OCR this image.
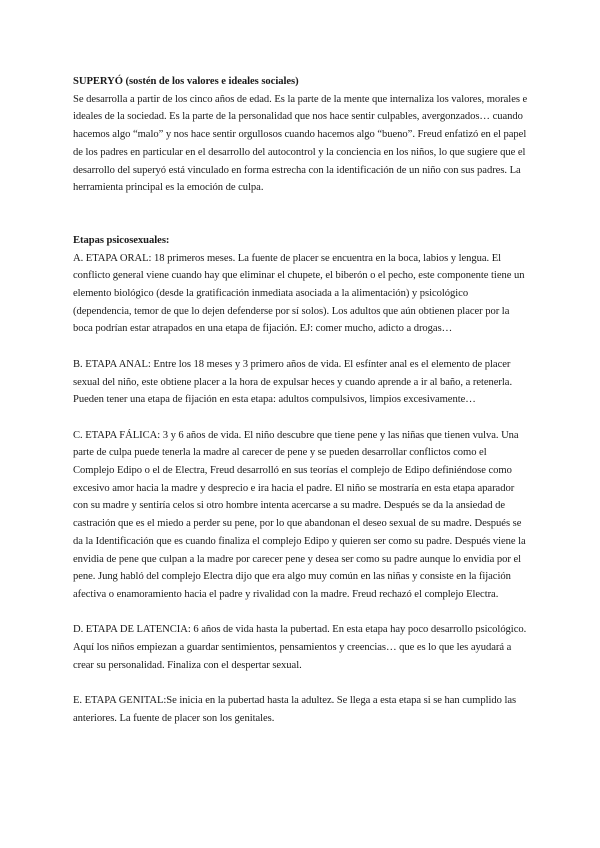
SUPERYÓ (sostén de los valores e ideales sociales)

Se desarrolla a partir de los cinco años de edad. Es la parte de la mente que internaliza los valores, morales e ideales de la sociedad. Es la parte de la personalidad que nos hace sentir culpables, avergonzados… cuando hacemos algo “malo” y nos hace sentir orgullosos cuando hacemos algo “bueno”. Freud enfatizó en el papel de los padres en particular en el desarrollo del autocontrol y la conciencia en los niños, lo que sugiere que el desarrollo del superyó está vinculado en forma estrecha con la identificación de un niño con sus padres. La herramienta principal es la emoción de culpa.

Etapas psicosexuales:

A. ETAPA ORAL: 18 primeros meses. La fuente de placer se encuentra en la boca, labios y lengua. El conflicto general viene cuando hay que eliminar el chupete, el biberón o el pecho, este componente tiene un elemento biológico (desde la gratificación inmediata asociada a la alimentación) y psicológico (dependencia, temor de que lo dejen defenderse por sí solos). Los adultos que aún obtienen placer por la boca podrían estar atrapados en una etapa de fijación. EJ: comer mucho, adicto a drogas…

B. ETAPA ANAL: Entre los 18 meses y 3 primero años de vida. El esfínter anal es el elemento de placer sexual del niño, este obtiene placer a la hora de expulsar heces y cuando aprende a ir al baño, a retenerla. Pueden tener una etapa de fijación en esta etapa: adultos compulsivos, limpios excesivamente…

C. ETAPA FÁLICA: 3 y 6 años de vida. El niño descubre que tiene pene y las niñas que tienen vulva. Una parte de culpa puede tenerla la madre al carecer de pene y se pueden desarrollar conflictos como el Complejo Edipo o el de Electra, Freud desarrolló en sus teorías el complejo de Edipo definiéndose como excesivo amor hacia la madre y desprecio e ira hacia el padre. El niño se mostraría en esta etapa aparador con su madre y sentiría celos si otro hombre intenta acercarse a su madre. Después se da la ansiedad de castración que es el miedo a perder su pene, por lo que abandonan el deseo sexual de su madre. Después se da la Identificación que es cuando finaliza el complejo Edipo y quieren ser como su padre. Después viene la envidia de pene que culpan a la madre por carecer pene y desea ser como su padre aunque lo envidia por el pene. Jung habló del complejo Electra dijo que era algo muy común en las niñas y consiste en la fijación afectiva o enamoramiento hacia el padre y rivalidad con la madre. Freud rechazó el complejo Electra.

D. ETAPA DE LATENCIA: 6 años de vida hasta la pubertad. En esta etapa hay poco desarrollo psicológico. Aquí los niños empiezan a guardar sentimientos, pensamientos y creencias… que es lo que les ayudará a crear su personalidad. Finaliza con el despertar sexual.

E. ETAPA GENITAL:Se inicia en la pubertad hasta la adultez. Se llega a esta etapa si se han cumplido las anteriores. La fuente de placer son los genitales.
